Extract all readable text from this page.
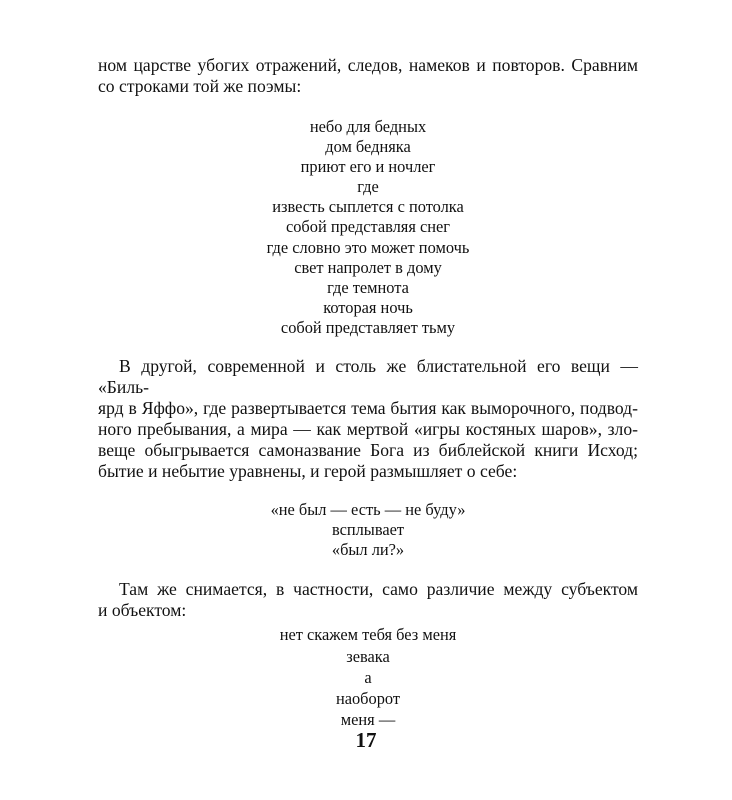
ном царстве убогих отражений, следов, намеков и повторов. Сравним
со строками той же поэмы:

небо для бедных
дом бедняка
приют его и ночлег
где
известь сыплется с потолка
собой представляя снег
где словно это может помочь
свет напролет в дому
где темнота
которая ночь
собой представляет тьму

В другой, современной и столь же блистательной его вещи — «Биль-
ярд в Яффо», где развертывается тема бытия как выморочного, подвод-
ного пребывания, а мира — как мертвой «игры костяных шаров», зло-
веще обыгрывается самоназвание Бога из библейской книги Исход;
бытие и небытие уравнены, и герой размышляет о себе:

«не был — есть — не буду»
всплывает
«был ли?»

Там же снимается, в частности, само различие между субъектом
и объектом:

нет скажем тебя без меня
зевака
а
наоборот
меня —
17
